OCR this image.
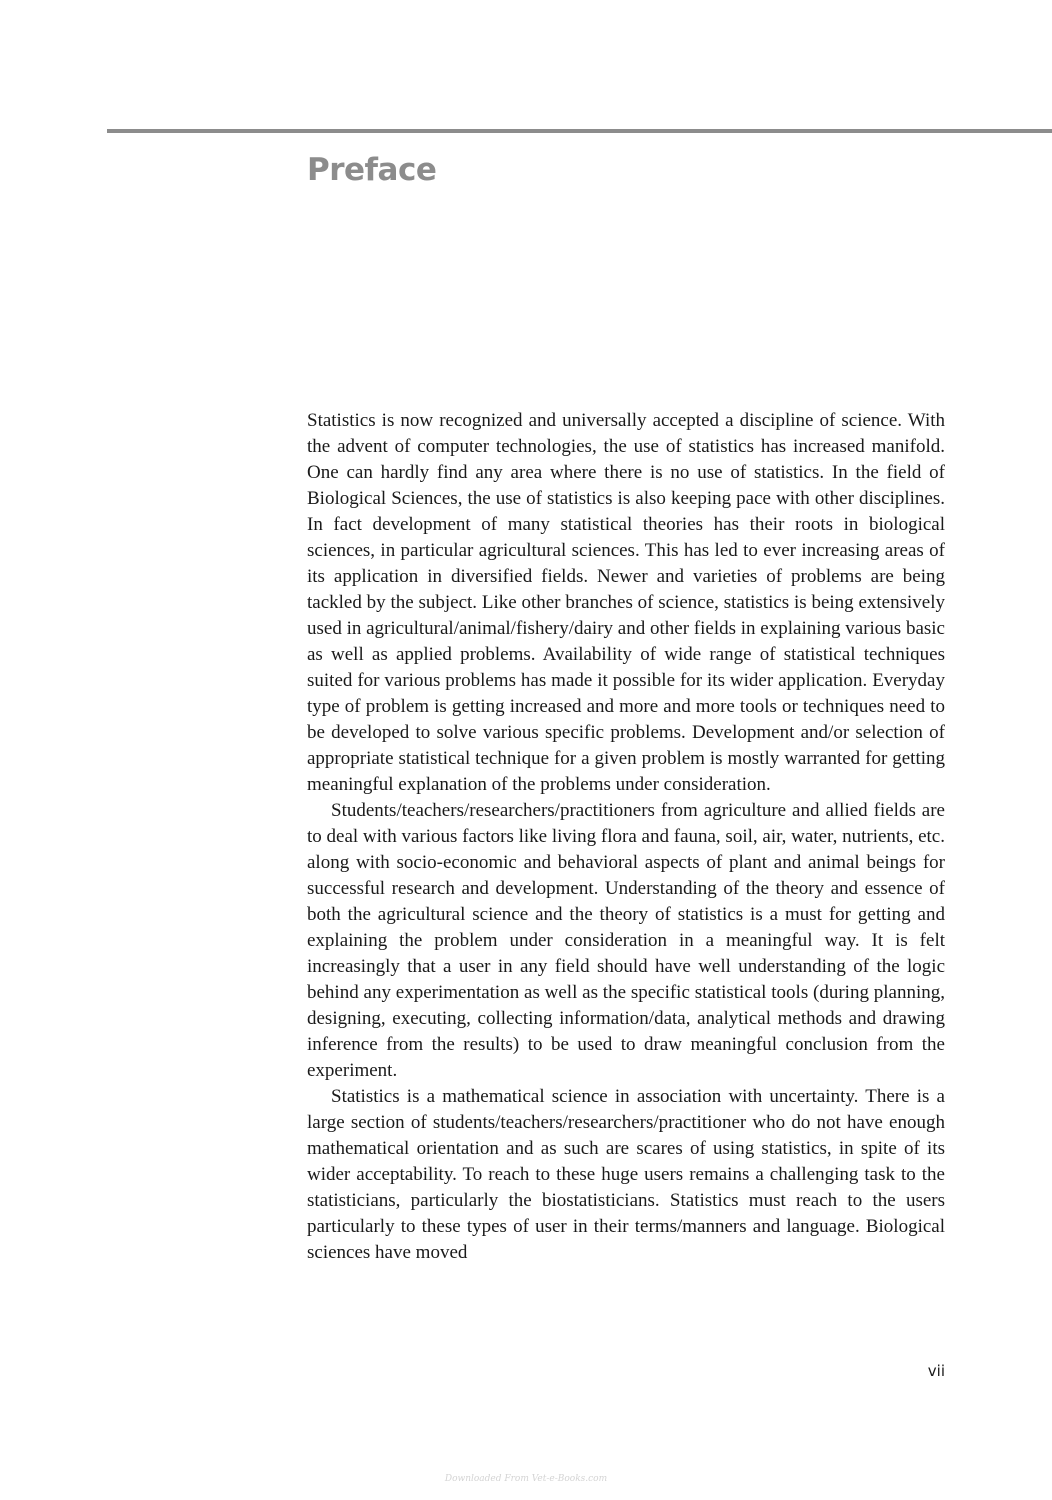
Preface

Statistics is now recognized and universally accepted a discipline of science. With the advent of computer technologies, the use of statistics has increased manifold. One can hardly find any area where there is no use of statistics. In the field of Biological Sciences, the use of statistics is also keeping pace with other disciplines. In fact development of many statistical theories has their roots in biological sciences, in particular agricultural sciences. This has led to ever increasing areas of its application in diversified fields. Newer and varieties of problems are being tackled by the subject. Like other branches of science, statistics is being extensively used in agricultural/animal/fishery/​dairy and other fields in explaining various basic as well as applied problems. Availability of wide range of statistical techniques suited for various problems has made it possible for its wider application. Everyday type of problem is getting increased and more and more tools or techniques need to be developed to solve various specific problems. Development and/or selection of appropriate statistical technique for a given problem is mostly warranted for getting meaningful explanation of the problems under consideration.

Students/teachers/researchers/practitioners from agriculture and allied fields are to deal with various factors like living flora and fauna, soil, air, water, nutrients, etc. along with socio-economic and behavioral aspects of plant and animal beings for successful research and development. Understanding of the theory and essence of both the agricultural science and the theory of statistics is a must for getting and explaining the problem under consideration in a meaningful way. It is felt increasingly that a user in any field should have well understanding of the logic behind any experimentation as well as the specific statistical tools (during planning, designing, executing, collecting information/data, analytical methods and drawing inference from the results) to be used to draw meaningful conclusion from the experiment.

Statistics is a mathematical science in association with uncertainty. There is a large section of students/teachers/researchers/practitioner who do not have enough mathematical orientation and as such are scares of using statistics, in spite of its wider acceptability. To reach to these huge users remains a challenging task to the statisticians, particularly the biostatisticians. Statistics must reach to the users particularly to these types of user in their terms/manners and language. Biological sciences have moved

vii
Downloaded From Vet-e-Books.com
